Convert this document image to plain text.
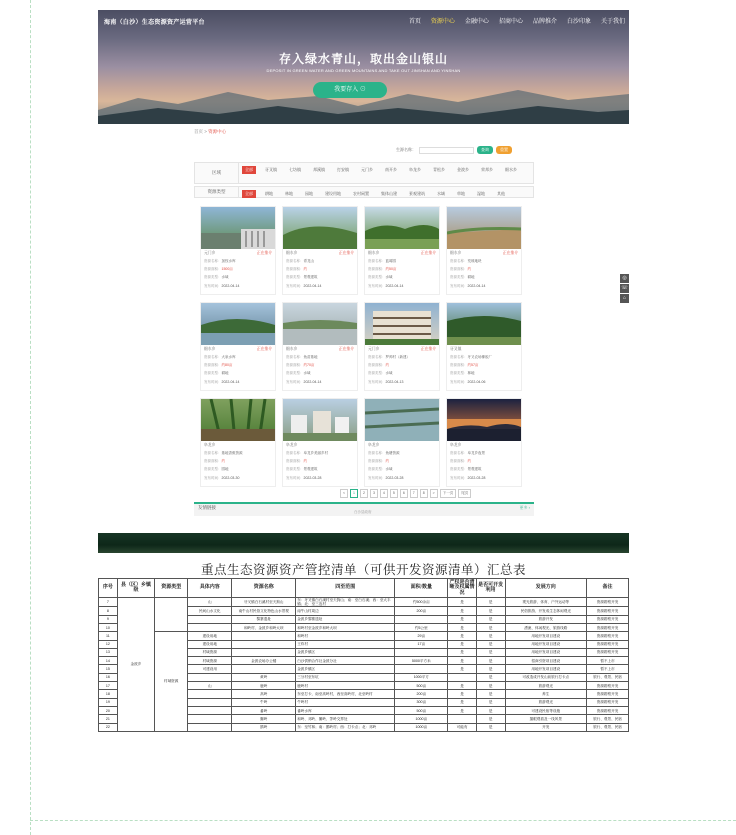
海南（白沙）生态资源资产运营平台	首页 资源中心 金融中心 招商中心 品牌推介 白沙印象 关于我们
存入绿水青山，取出金山银山
DEPOSIT IN GREEN WATER AND GREEN MOUNTAINS AND TAKE OUT JINSHAN AND YINSHAN
我要存入 ⊙
首页 > 资源中心
生源名称：	查询	重置
区域
全部	牙叉镇	七坊镇	邦溪镇	打安镇	元门乡	南开乡	阜龙乡	青松乡	金波乡	荣邦乡	细水乡
资源类型	全部	耕地	林地	园地	建设用地	农村闲置	集体山建	景观建筑	水域	草地	湿地	其他
元门乡	正在推介
资源名称：加钗水库
资源面积：1500亩
资源类型：水域
发布时间：2022-04-14
细水乡	正在推介
资源名称：青龙山
资源面积：约
资源类型：景观建筑
发布时间：2022-04-14
细水乡	正在推介
资源名称：蓝莓园
资源面积：约50亩
资源类型：水域
发布时间：2022-04-14
细水乡	正在推介
资源名称：荒坡地块
资源面积：约
资源类型：耕地
发布时间：2022-04-14
细水乡	正在推介
资源名称：大泉水库
资源面积：约80亩
资源类型：耕地
发布时间：2022-04-14
细水乡	正在推介
资源名称：鱼苗基地
资源面积：约70亩
资源类型：水域
发布时间：2022-04-14
元门乡	正在推介
资源名称：罗帅村（新建）
资源面积：约
资源类型：水域
发布时间：2022-04-13
牙叉镇
资源名称：牙叉农场橡胶厂
资源面积：约57亩
资源类型：林地
发布时间：2022-04-06
阜龙乡
资源名称：基地香蕉资源
资源面积：约
资源类型：园地
发布时间：2022-03-30
阜龙乡
资源名称：阜龙乡美丽乡村
资源面积：约
资源类型：景观建筑
发布时间：2022-03-28
阜龙乡
资源名称：鱼塘资源
资源面积：约
资源类型：水域
发布时间：2022-03-28
阜龙乡
资源名称：阜龙乡夜景
资源面积：约
资源类型：景观建筑
发布时间：2022-03-28
<	1	2	3	4	5	6	7	8	>	下一页	尾页
友情链接	更多 ›
白沙县政府
◎
☏
⌂
重点生态资源资产管控清单（可供开发资源清单）汇总表
序号	县（区）乡镇级	资源类型	具体内容	资源名称	四至范围	面积/数量	产权是否清晰及权属情况	是否可开发利用	发展方向	备注
7	金波乡		山	牙叉镇白石溪村至天狗山	东：牙叉镇白石溪村至天狗山；南：至白石溪；西：至大丰镇；北：至三连村	约500余亩	是	是	观光旅游、体育、户外运动等	资源勘察开发
8			民间山水文化	南牛山村民俗文化特色山水景观	南牛山村周边	200亩	是	是	民俗旅游、开发成生态休闲观光	资源勘察开发
9				黎寨遗址	金波乡黎寨遗址		是	是	旅游开发	资源勘察开发
10				和岭村、金波乡和岭大坝	和岭村至金波乡和岭大坝	约5公里	是	是	漂流、休闲观光、旅游线路	资源勘察开发
11		村域资源	建设用地		和岭村	29亩	是	是	用地开发项目建设	资源勘察开发
12			建设用地		王炸村	17亩	是	是	用地开发项目建设	资源勘察开发
13			村域资源		金波乡镇区		是	是	用地开发项目建设	资源勘察开发
14			村域资源	金波农场办公楼	白沙供销合作社金波分社	5000平方米	是	是	招商引资项目建设	暂不上市
15			可建设用		金波乡镇区		是	是	用地开发项目建设	暂不上市
16				黄岭	三分村至东坑	1000平方		是	可改造成开发山前旅行打卡点	旅行、观景、民宿
17			山	鹿岭	鹿岭村	500亩	是	是	旅游观光	资源勘察开发
18				高岭	东至打卡，南至高岭村，西至高岭村，北至岭村	200亩	是	是	养生	资源勘察开发
19				牛岭	牛岭村	300亩	是	是	旅游观光	资源勘察开发
20				番岭	番岭水库	500亩	是	是	可建设民宿等设施	资源勘察开发
21				狮岭	和岭、邓岭、狮岭、茅岭交界处	1000亩		是	猫眼观看及一线风景	旅行、观景、民宿
22				鹊岭	东：至竹林；南：鹊岭村；西：打卡点；北：邓岭	1000亩	可能有	是	开发	旅行、观景、民宿
